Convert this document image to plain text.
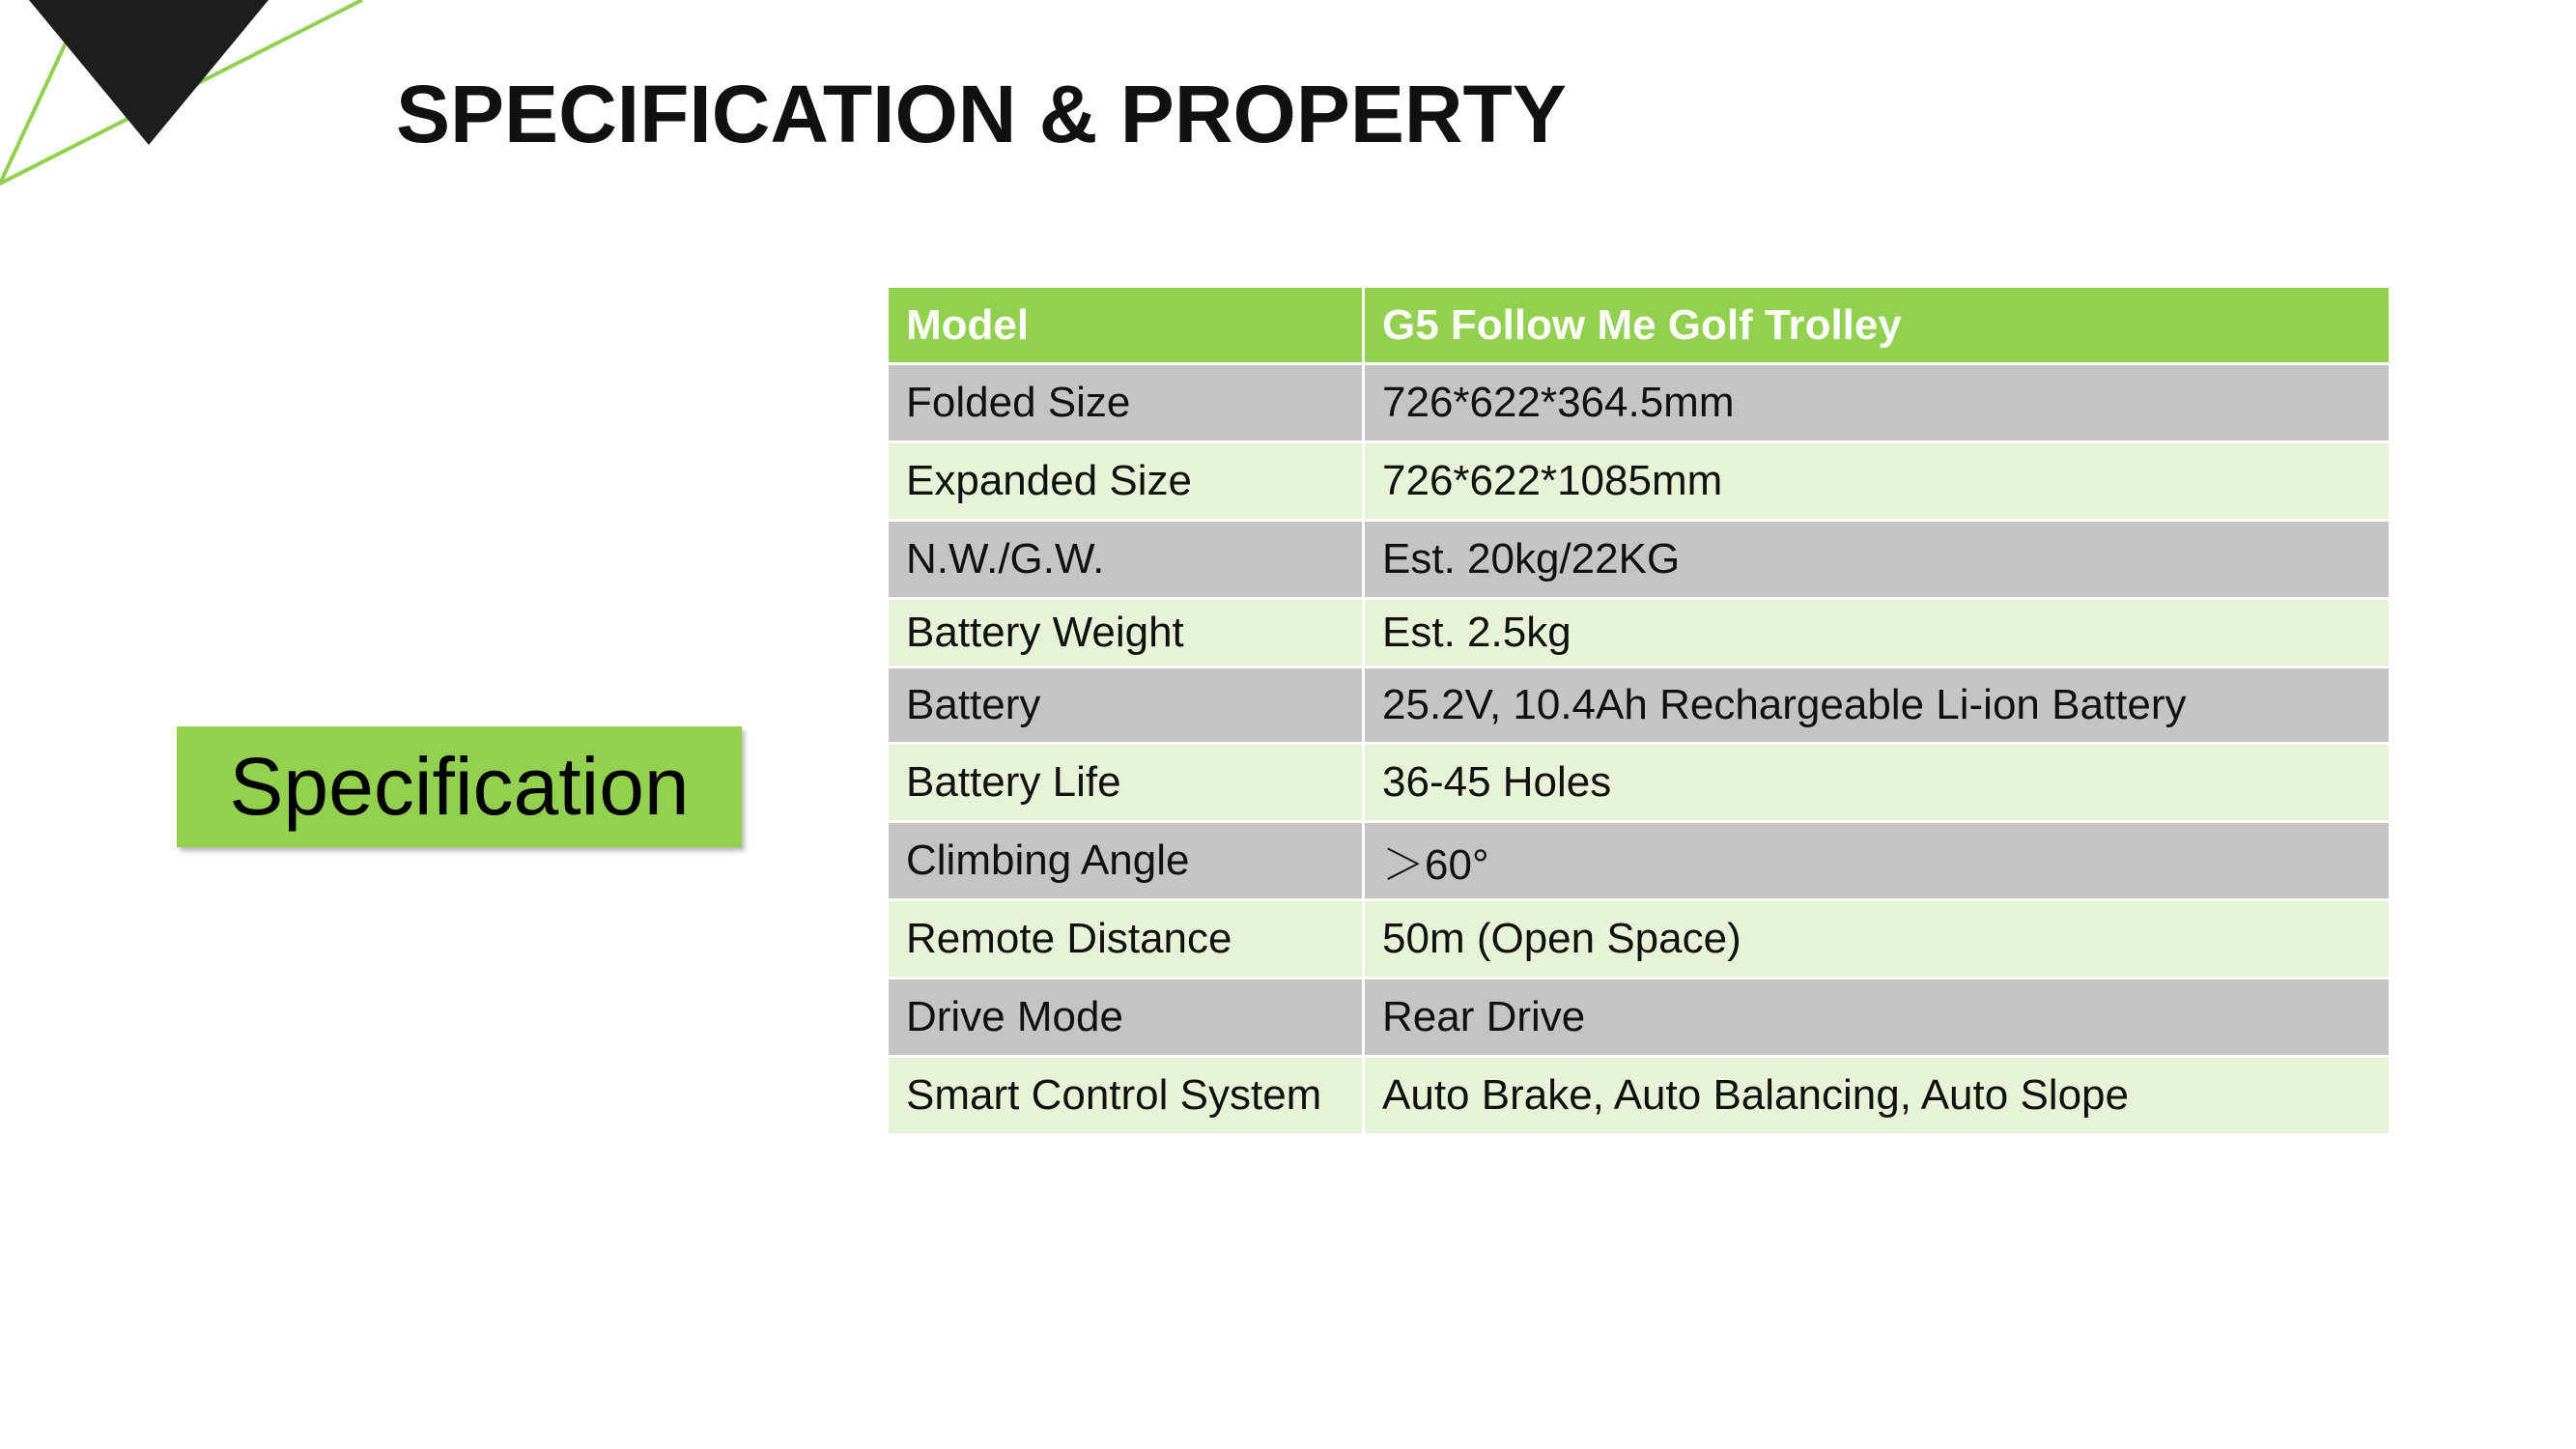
SPECIFICATION & PROPERTY
Specification
Model	G5 Follow Me Golf Trolley
Folded Size	726*622*364.5mm
Expanded Size	726*622*1085mm
N.W./G.W.	Est. 20kg/22KG
Battery Weight	Est. 2.5kg
Battery	25.2V, 10.4Ah Rechargeable Li-ion Battery
Battery Life	36-45 Holes
Climbing Angle	＞60°
Remote Distance	50m (Open Space)
Drive Mode	Rear Drive
Smart Control System	Auto Brake, Auto Balancing, Auto Slope
